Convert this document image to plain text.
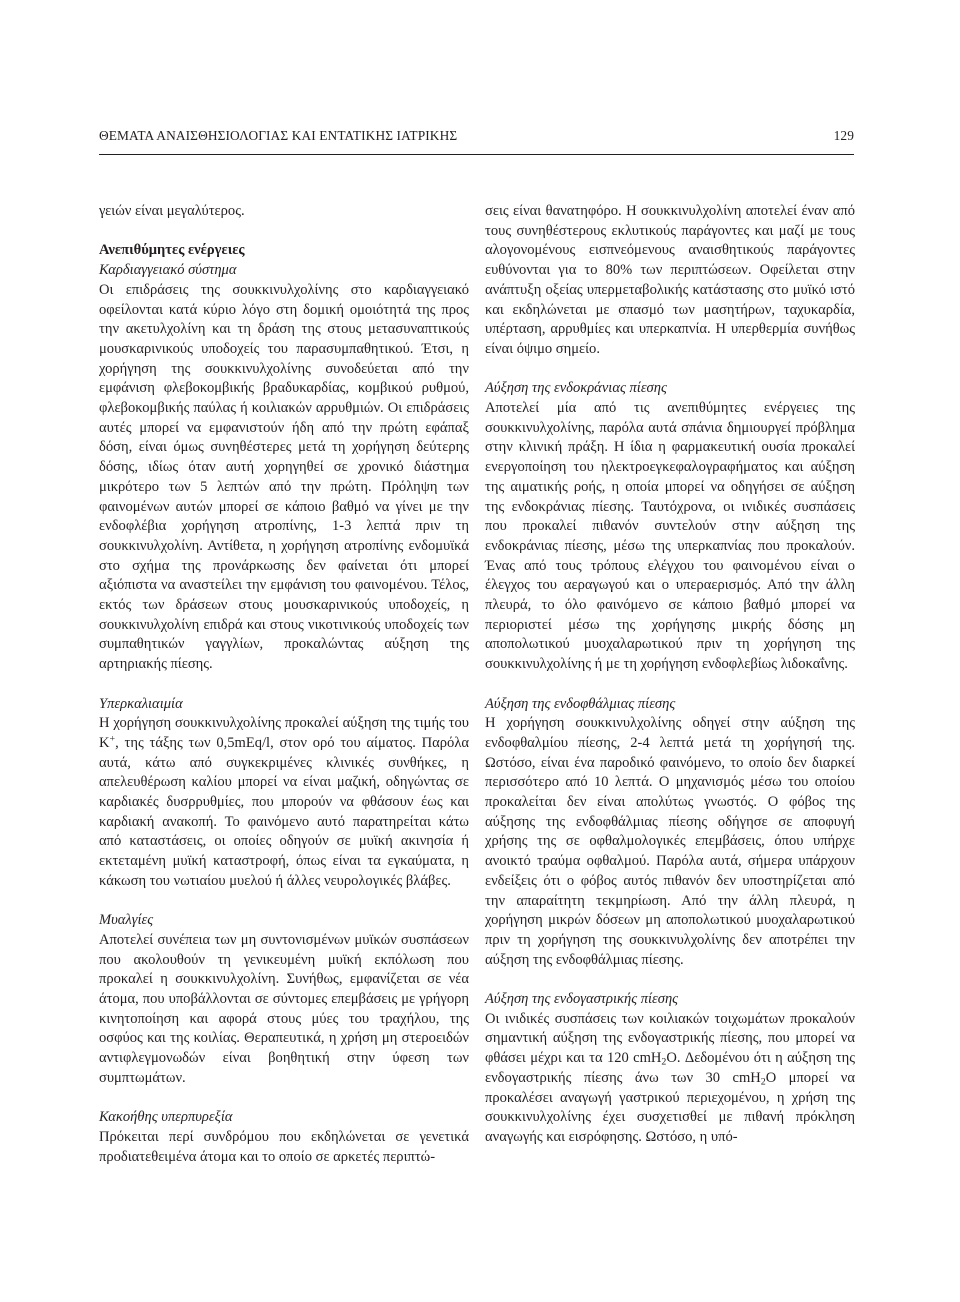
ΘΕΜΑΤΑ ΑΝΑΙΣΘΗΣΙΟΛΟΓΙΑΣ ΚΑΙ ΕΝΤΑΤΙΚΗΣ ΙΑΤΡΙΚΗΣ	129

γειών είναι μεγαλύτερος.

Ανεπιθύμητες ενέργειες

Καρδιαγγειακό σύστημα

Οι επιδράσεις της σουκκινυλχολίνης στο καρδιαγγειακό οφείλονται κατά κύριο λόγο στη δομική ομοιότητά της προς την ακετυλχολίνη και τη δράση της στους μετασυναπτικούς μουσκαρινικούς υποδοχείς του παρασυμπαθητικού. Έτσι, η χορήγηση της σουκκινυλχολίνης συνοδεύεται από την εμφάνιση φλεβοκομβικής βραδυκαρδίας, κομβικού ρυθμού, φλεβοκομβικής παύλας ή κοιλιακών αρρυθμιών. Οι επιδράσεις αυτές μπορεί να εμφανιστούν ήδη από την πρώτη εφάπαξ δόση, είναι όμως συνηθέστερες μετά τη χορήγηση δεύτερης δόσης, ιδίως όταν αυτή χορηγηθεί σε χρονικό διάστημα μικρότερο των 5 λεπτών από την πρώτη. Πρόληψη των φαινομένων αυτών μπορεί σε κάποιο βαθμό να γίνει με την ενδοφλέβια χορήγηση ατροπίνης, 1-3 λεπτά πριν τη σουκκινυλχολίνη. Αντίθετα, η χορήγηση ατροπίνης ενδομυϊκά στο σχήμα της προνάρκωσης δεν φαίνεται ότι μπορεί αξιόπιστα να αναστείλει την εμφάνιση του φαινομένου. Τέλος, εκτός των δράσεων στους μουσκαρινικούς υποδοχείς, η σουκκινυλχολίνη επιδρά και στους νικοτινικούς υποδοχείς των συμπαθητικών γαγγλίων, προκαλώντας αύξηση της αρτηριακής πίεσης.

Υπερκαλιαιμία

Η χορήγηση σουκκινυλχολίνης προκαλεί αύξηση της τιμής του K+, της τάξης των 0,5mEq/l, στον ορό του αίματος. Παρόλα αυτά, κάτω από συγκεκριμένες κλινικές συνθήκες, η απελευθέρωση καλίου μπορεί να είναι μαζική, οδηγώντας σε καρδιακές δυσρρυθμίες, που μπορούν να φθάσουν έως και καρδιακή ανακοπή. Το φαινόμενο αυτό παρατηρείται κάτω από καταστάσεις, οι οποίες οδηγούν σε μυϊκή ακινησία ή εκτεταμένη μυϊκή καταστροφή, όπως είναι τα εγκαύματα, η κάκωση του νωτιαίου μυελού ή άλλες νευρολογικές βλάβες.

Μυαλγίες

Αποτελεί συνέπεια των μη συντονισμένων μυϊκών συσπάσεων που ακολουθούν τη γενικευμένη μυϊκή εκπόλωση που προκαλεί η σουκκινυλχολίνη. Συνήθως, εμφανίζεται σε νέα άτομα, που υποβάλλονται σε σύντομες επεμβάσεις με γρήγορη κινητοποίηση και αφορά στους μύες του τραχήλου, της οσφύος και της κοιλίας. Θεραπευτικά, η χρήση μη στεροειδών αντιφλεγμονωδών είναι βοηθητική στην ύφεση των συμπτωμάτων.

Κακοήθης υπερπυρεξία

Πρόκειται περί συνδρόμου που εκδηλώνεται σε γενετικά προδιατεθειμένα άτομα και το οποίο σε αρκετές περιπτώ-

σεις είναι θανατηφόρο. Η σουκκινυλχολίνη αποτελεί έναν από τους συνηθέστερους εκλυτικούς παράγοντες και μαζί με τους αλογονομένους εισπνεόμενους αναισθητικούς παράγοντες ευθύνονται για το 80% των περιπτώσεων. Οφείλεται στην ανάπτυξη οξείας υπερμεταβολικής κατάστασης στο μυϊκό ιστό και εκδηλώνεται με σπασμό των μασητήρων, ταχυκαρδία, υπέρταση, αρρυθμίες και υπερκαπνία. Η υπερθερμία συνήθως είναι όψιμο σημείο.

Αύξηση της ενδοκράνιας πίεσης

Αποτελεί μία από τις ανεπιθύμητες ενέργειες της σουκκινυλχολίνης, παρόλα αυτά σπάνια δημιουργεί πρόβλημα στην κλινική πράξη. Η ίδια η φαρμακευτική ουσία προκαλεί ενεργοποίηση του ηλεκτροεγκεφαλογραφήματος και αύξηση της αιματικής ροής, η οποία μπορεί να οδηγήσει σε αύξηση της ενδοκράνιας πίεσης. Ταυτόχρονα, οι ινιδικές συσπάσεις που προκαλεί πιθανόν συντελούν στην αύξηση της ενδοκράνιας πίεσης, μέσω της υπερκαπνίας που προκαλούν. Ένας από τους τρόπους ελέγχου του φαινομένου είναι ο έλεγχος του αεραγωγού και ο υπεραερισμός. Από την άλλη πλευρά, το όλο φαινόμενο σε κάποιο βαθμό μπορεί να περιοριστεί μέσω της χορήγησης μικρής δόσης μη αποπολωτικού μυοχαλαρωτικού πριν τη χορήγηση της σουκκινυλχολίνης ή με τη χορήγηση ενδοφλεβίως λιδοκαΐνης.

Αύξηση της ενδοφθάλμιας πίεσης

Η χορήγηση σουκκινυλχολίνης οδηγεί στην αύξηση της ενδοφθαλμίου πίεσης, 2-4 λεπτά μετά τη χορήγησή της. Ωστόσο, είναι ένα παροδικό φαινόμενο, το οποίο δεν διαρκεί περισσότερο από 10 λεπτά. Ο μηχανισμός μέσω του οποίου προκαλείται δεν είναι απολύτως γνωστός. Ο φόβος της αύξησης της ενδοφθάλμιας πίεσης οδήγησε σε αποφυγή χρήσης της σε οφθαλμολογικές επεμβάσεις, όπου υπήρχε ανοικτό τραύμα οφθαλμού. Παρόλα αυτά, σήμερα υπάρχουν ενδείξεις ότι ο φόβος αυτός πιθανόν δεν υποστηρίζεται από την απαραίτητη τεκμηρίωση. Από την άλλη πλευρά, η χορήγηση μικρών δόσεων μη αποπολωτικού μυοχαλαρωτικού πριν τη χορήγηση της σουκκινυλχολίνης δεν αποτρέπει την αύξηση της ενδοφθάλμιας πίεσης.

Αύξηση της ενδογαστρικής πίεσης

Οι ινιδικές συσπάσεις των κοιλιακών τοιχωμάτων προκαλούν σημαντική αύξηση της ενδογαστρικής πίεσης, που μπορεί να φθάσει μέχρι και τα 120 cmH$_2$O. Δεδομένου ότι η αύξηση της ενδογαστρικής πίεσης άνω των 30 cmH$_2$O μπορεί να προκαλέσει αναγωγή γαστρικού περιεχομένου, η χρήση της σουκκινυλχολίνης έχει συσχετισθεί με πιθανή πρόκληση αναγωγής και εισρόφησης. Ωστόσο, η υπό-
